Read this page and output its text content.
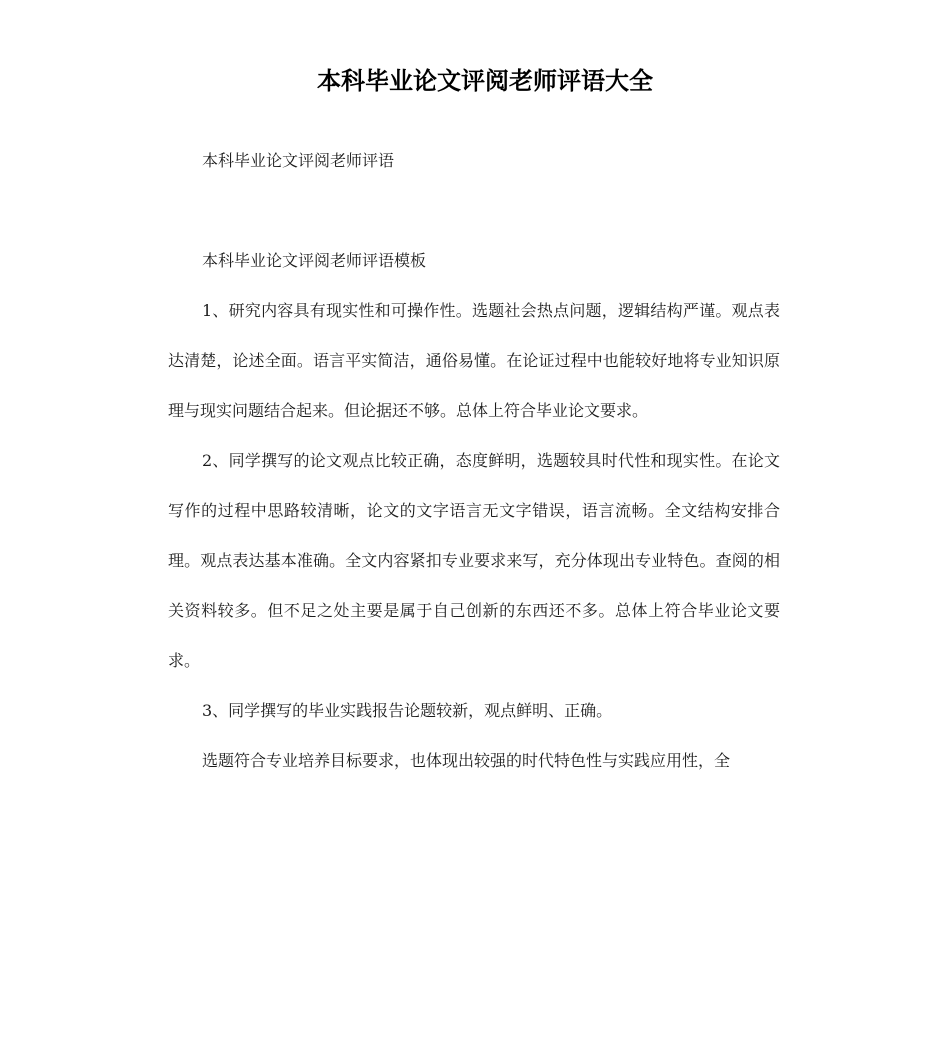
本科毕业论文评阅老师评语大全

本科毕业论文评阅老师评语

本科毕业论文评阅老师评语模板

1、研究内容具有现实性和可操作性。选题社会热点问题，逻辑结构严谨。观点表达清楚，论述全面。语言平实简洁，通俗易懂。在论证过程中也能较好地将专业知识原理与现实问题结合起来。但论据还不够。总体上符合毕业论文要求。

2、同学撰写的论文观点比较正确，态度鲜明，选题较具时代性和现实性。在论文写作的过程中思路较清晰，论文的文字语言无文字错误，语言流畅。全文结构安排合理。观点表达基本准确。全文内容紧扣专业要求来写，充分体现出专业特色。查阅的相关资料较多。但不足之处主要是属于自己创新的东西还不多。总体上符合毕业论文要求。

3、同学撰写的毕业实践报告论题较新，观点鲜明、正确。

选题符合专业培养目标要求，也体现出较强的时代特色性与实践应用性，全
